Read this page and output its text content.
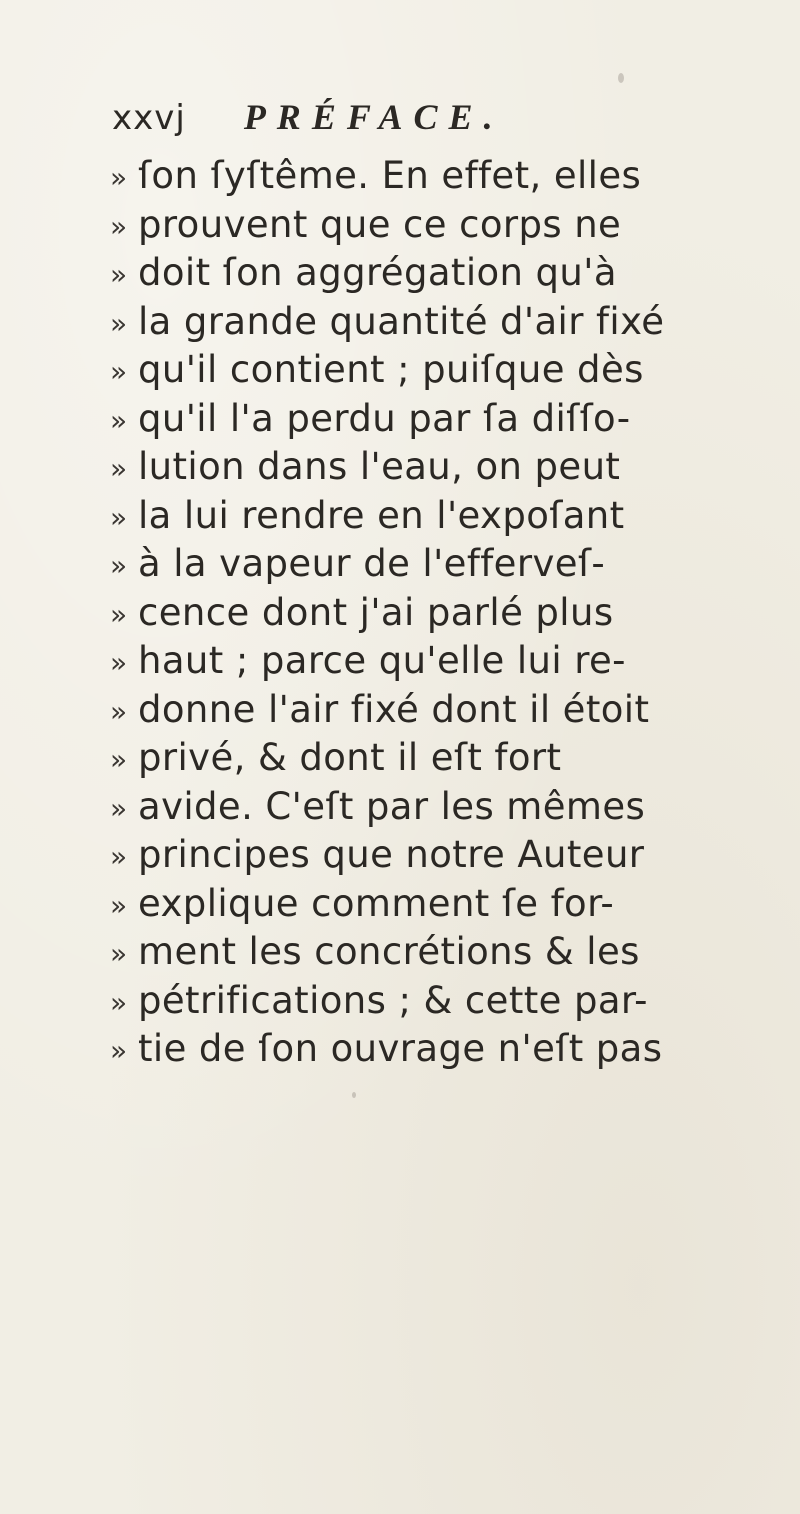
xxvj PRÉFACE.
» ſon ſyſtême. En effet, elles
» prouvent que ce corps ne
» doit ſon aggrégation qu'à
» la grande quantité d'air fixé
» qu'il contient ; puiſque dès
» qu'il l'a perdu par ſa diſſo-
» lution dans l'eau, on peut
» la lui rendre en l'expoſant
» à la vapeur de l'efferveſ-
» cence dont j'ai parlé plus
» haut ; parce qu'elle lui re-
» donne l'air fixé dont il étoit
» privé, & dont il eſt fort
» avide. C'eſt par les mêmes
» principes que notre Auteur
» explique comment ſe for-
» ment les concrétions & les
» pétrifications ; & cette par-
» tie de ſon ouvrage n'eſt pas
